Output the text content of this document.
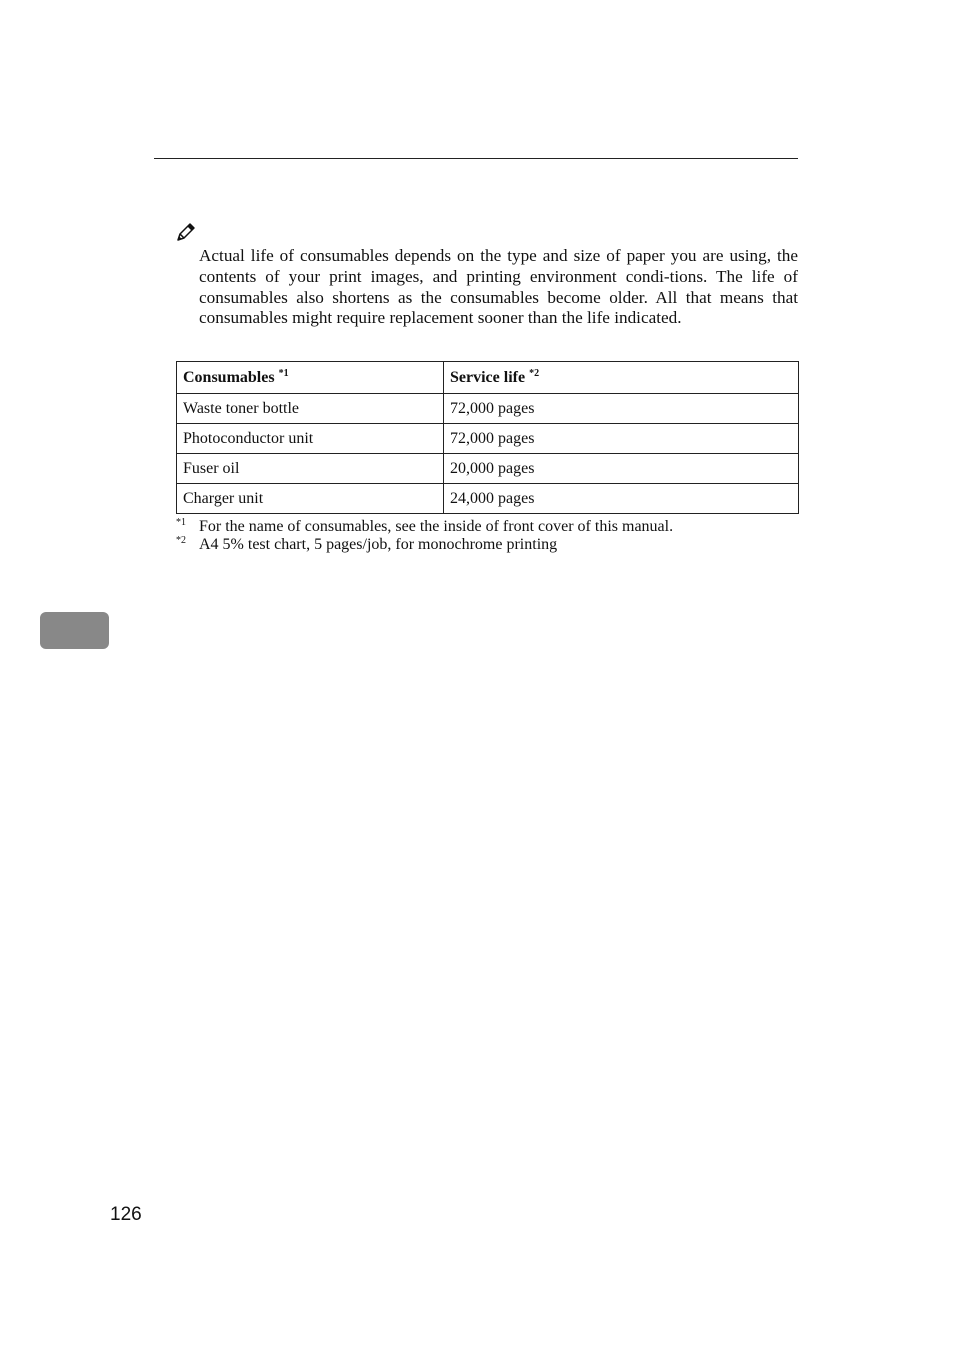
Actual life of consumables depends on the type and size of paper you are using, the contents of your print images, and printing environment condi-tions. The life of consumables also shortens as the consumables become older. All that means that consumables might require replacement sooner than the life indicated.

Consumables $^{*1}$	Service life $^{*2}$
Waste toner bottle	72,000 pages
Photoconductor unit	72,000 pages
Fuser oil	20,000 pages
Charger unit	24,000 pages
*1 For the name of consumables, see the inside of front cover of this manual.
*2 A4 5% test chart, 5 pages/job, for monochrome printing
126
